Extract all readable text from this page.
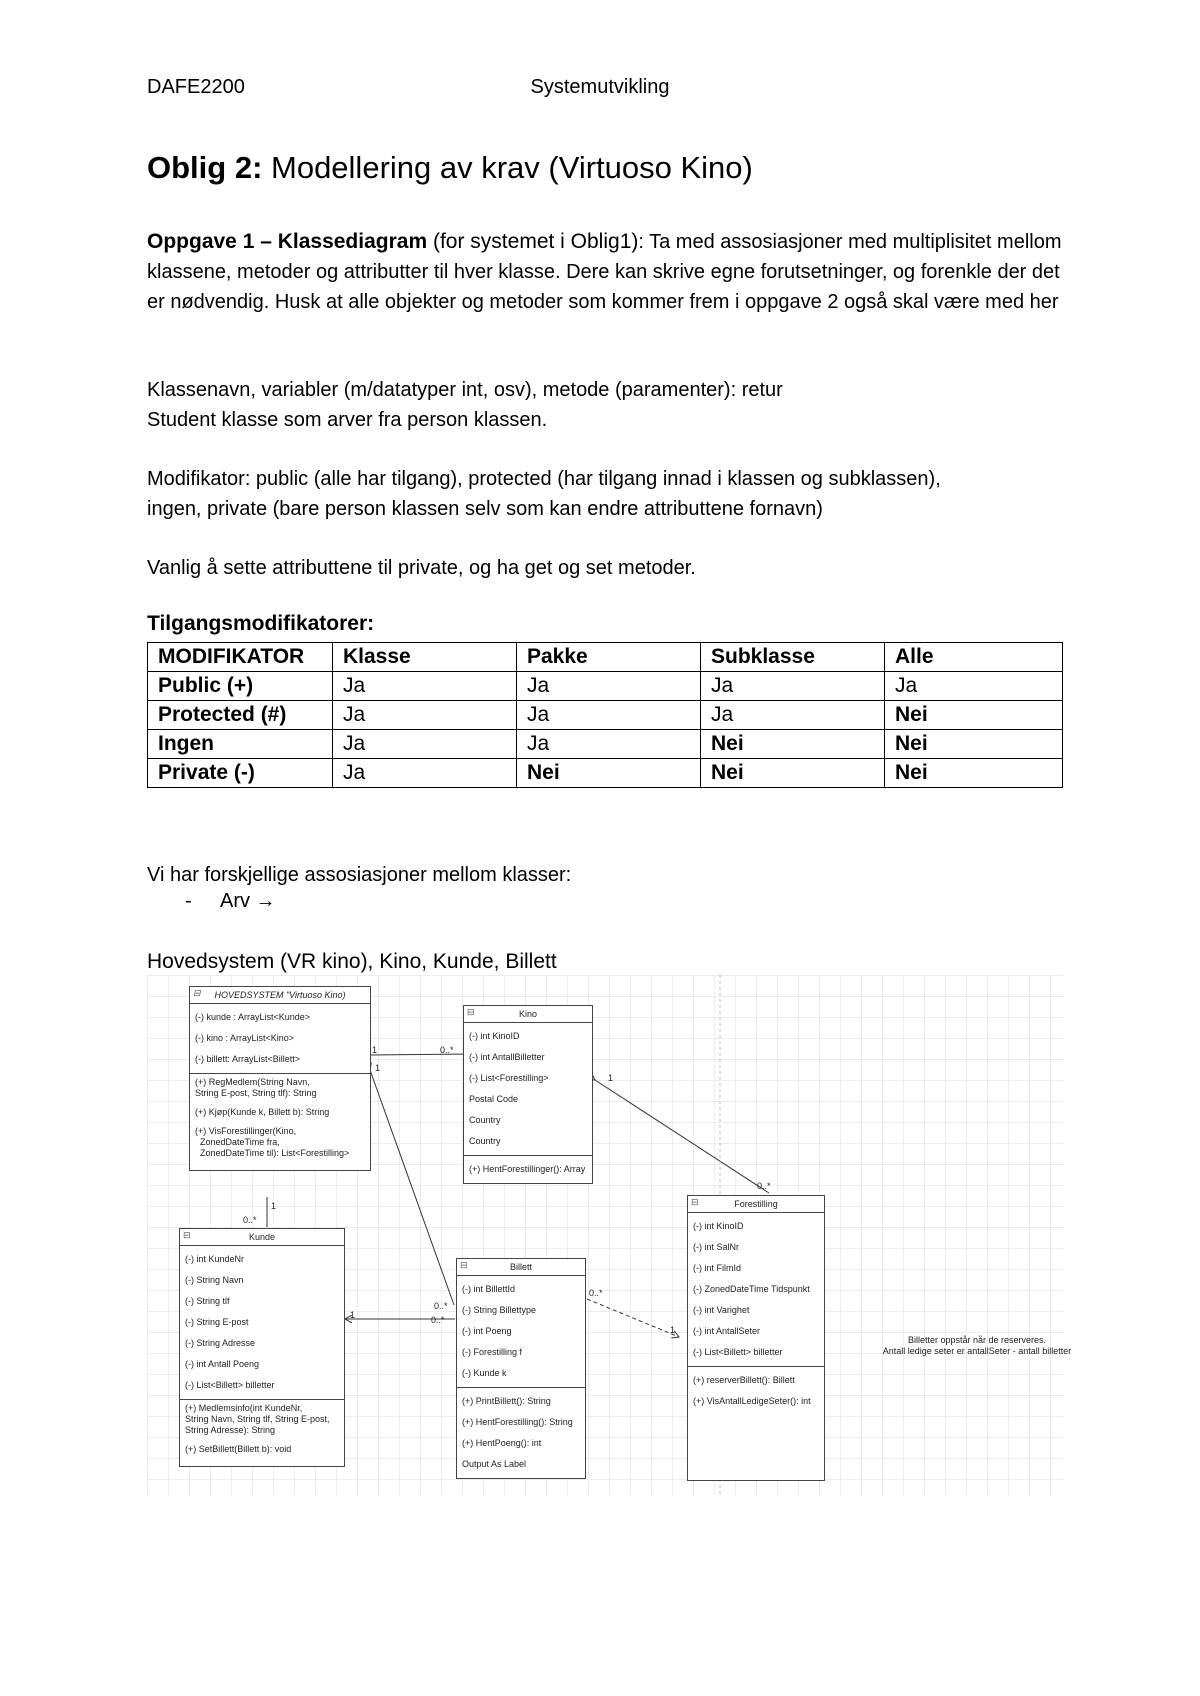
Systemutvikling
DAFE2200
Oblig 2: Modellering av krav (Virtuoso Kino)
Oppgave 1 – Klassediagram (for systemet i Oblig1): Ta med assosiasjoner med multiplisitet mellom klassene, metoder og attributter til hver klasse. Dere kan skrive egne forutsetninger, og forenkle der det er nødvendig. Husk at alle objekter og metoder som kommer frem i oppgave 2 også skal være med her
Klassenavn, variabler (m/datatyper int, osv), metode (paramenter): retur
Student klasse som arver fra person klassen.
Modifikator: public (alle har tilgang), protected (har tilgang innad i klassen og subklassen),
ingen, private (bare person klassen selv som kan endre attributtene fornavn)
Vanlig å sette attributtene til private, og ha get og set metoder.
Tilgangsmodifikatorer:
MODIFIKATOR	Klasse	Pakke	Subklasse	Alle
Public (+)	Ja	Ja	Ja	Ja
Protected (#)	Ja	Ja	Ja	Nei
Ingen	Ja	Ja	Nei	Nei
Private (-)	Ja	Nei	Nei	Nei
Vi har forskjellige assosiasjoner mellom klasser:
- Arv →
Hovedsystem (VR kino), Kino, Kunde, Billett
1	0..*
1
1
0..*
1
0..*
0..*
0..*
1
0..*
1
⊟ HOVEDSYSTEM "Virtuoso Kino)
(-) kunde : ArrayList<Kunde>
(-) kino : ArrayList<Kino>
(-) billett: ArrayList<Billett>
(+) RegMedlem(String Navn,
String E-post, String tlf): String
(+) Kjøp(Kunde k, Billett b): String
(+) VisForestillinger(Kino,
ZonedDateTime fra,
ZonedDateTime til): List<Forestilling>
⊟ Kino
(-) int KinoID
(-) int AntallBilletter
(-) List<Forestilling>
Postal Code
Country
Country
(+) HentForestillinger(): Array
⊟ Kunde
(-) int KundeNr
(-) String Navn
(-) String tlf
(-) String E-post
(-) String Adresse
(-) int Antall Poeng
(-) List<Billett> billetter
(+) Medlemsinfo(int KundeNr,
String Navn, String tlf, String E-post,
String Adresse): String
(+) SetBillett(Billett b): void
⊟ Billett
(-) int BillettId
(-) String Billettype
(-) int Poeng
(-) Forestilling f
(-) Kunde k
(+) PrintBillett(): String
(+) HentForestilling(): String
(+) HentPoeng(): int
Output As Label
⊟ Forestilling
(-) int KinoID
(-) int SalNr
(-) int FilmId
(-) ZonedDateTime Tidspunkt
(-) int Varighet
(-) int AntallSeter
(-) List<Billett> billetter
(+) reserverBillett(): Billett
(+) VisAntallLedigeSeter(): int
Billetter oppstår når de reserveres.
Antall ledige seter er antallSeter - antall billetter
